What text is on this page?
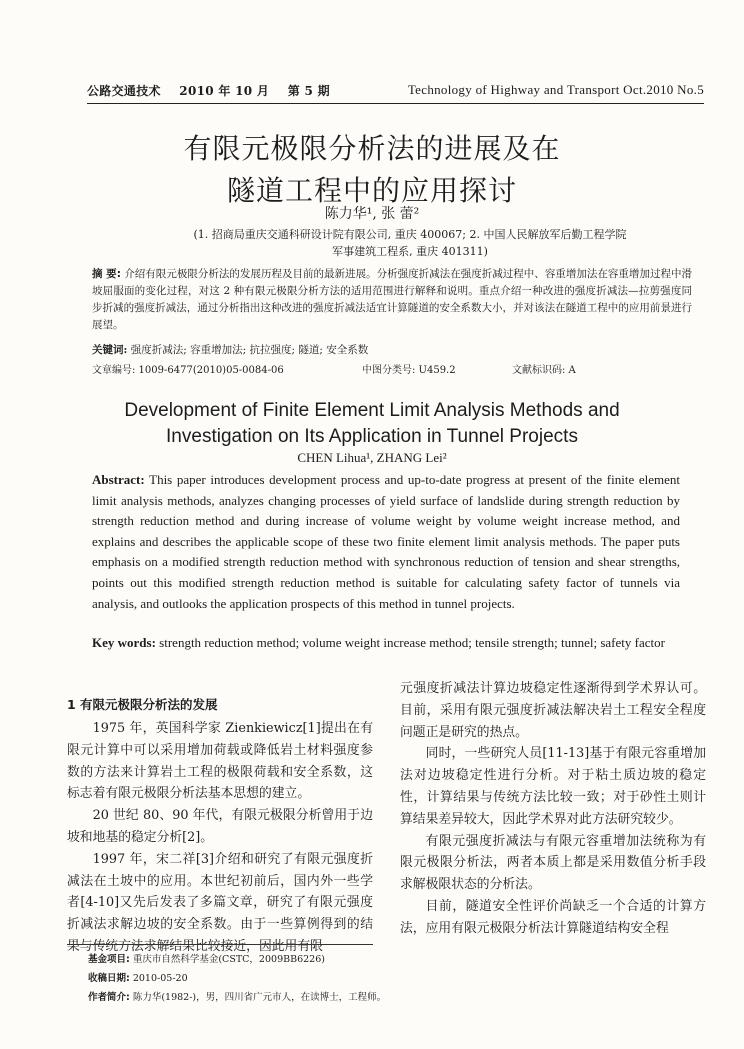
公路交通技术 2010 年 10 月 第 5 期	Technology of Highway and Transport Oct.2010 No.5
有限元极限分析法的进展及在
隧道工程中的应用探讨
陈力华¹, 张 蕾²
(1. 招商局重庆交通科研设计院有限公司, 重庆 400067; 2. 中国人民解放军后勤工程学院
军事建筑工程系, 重庆 401311)
摘 要: 介绍有限元极限分析法的发展历程及目前的最新进展。分析强度折减法在强度折减过程中、容重增加法在容重增加过程中滑坡屈服面的变化过程，对这 2 种有限元极限分析方法的适用范围进行解释和说明。重点介绍一种改进的强度折减法—拉剪强度同步折减的强度折减法，通过分析指出这种改进的强度折减法适宜计算隧道的安全系数大小，并对该法在隧道工程中的应用前景进行展望。
关键词: 强度折减法; 容重增加法; 抗拉强度; 隧道; 安全系数
文章编号: 1009-6477(2010)05-0084-06	中图分类号: U459.2	文献标识码: A
Development of Finite Element Limit Analysis Methods and
Investigation on Its Application in Tunnel Projects
CHEN Lihua¹, ZHANG Lei²
Abstract: This paper introduces development process and up-to-date progress at present of the finite element limit analysis methods, analyzes changing processes of yield surface of landslide during strength reduction by strength reduction method and during increase of volume weight by volume weight increase method, and explains and describes the applicable scope of these two finite element limit analysis methods. The paper puts emphasis on a modified strength reduction method with synchronous reduction of tension and shear strengths, points out this modified strength reduction method is suitable for calculating safety factor of tunnels via analysis, and outlooks the application prospects of this method in tunnel projects.
Key words: strength reduction method; volume weight increase method; tensile strength; tunnel; safety factor
1 有限元极限分析法的发展

1975 年，英国科学家 Zienkiewicz[1]提出在有限元计算中可以采用增加荷载或降低岩土材料强度参数的方法来计算岩土工程的极限荷载和安全系数，这标志着有限元极限分析法基本思想的建立。

20 世纪 80、90 年代，有限元极限分析曾用于边坡和地基的稳定分析[2]。

1997 年，宋二祥[3]介绍和研究了有限元强度折减法在土坡中的应用。本世纪初前后，国内外一些学者[4-10]又先后发表了多篇文章，研究了有限元强度折减法求解边坡的安全系数。由于一些算例得到的结果与传统方法求解结果比较接近，因此用有限

元强度折减法计算边坡稳定性逐渐得到学术界认可。目前，采用有限元强度折减法解决岩土工程安全程度问题正是研究的热点。

同时，一些研究人员[11-13]基于有限元容重增加法对边坡稳定性进行分析。对于粘土质边坡的稳定性，计算结果与传统方法比较一致；对于砂性土则计算结果差异较大，因此学术界对此方法研究较少。

有限元强度折减法与有限元容重增加法统称为有限元极限分析法，两者本质上都是采用数值分析手段求解极限状态的分析法。

目前，隧道安全性评价尚缺乏一个合适的计算方法，应用有限元极限分析法计算隧道结构安全程

基金项目: 重庆市自然科学基金(CSTC，2009BB6226)
收稿日期: 2010-05-20
作者简介: 陈力华(1982-)，男，四川省广元市人，在读博士，工程师。
